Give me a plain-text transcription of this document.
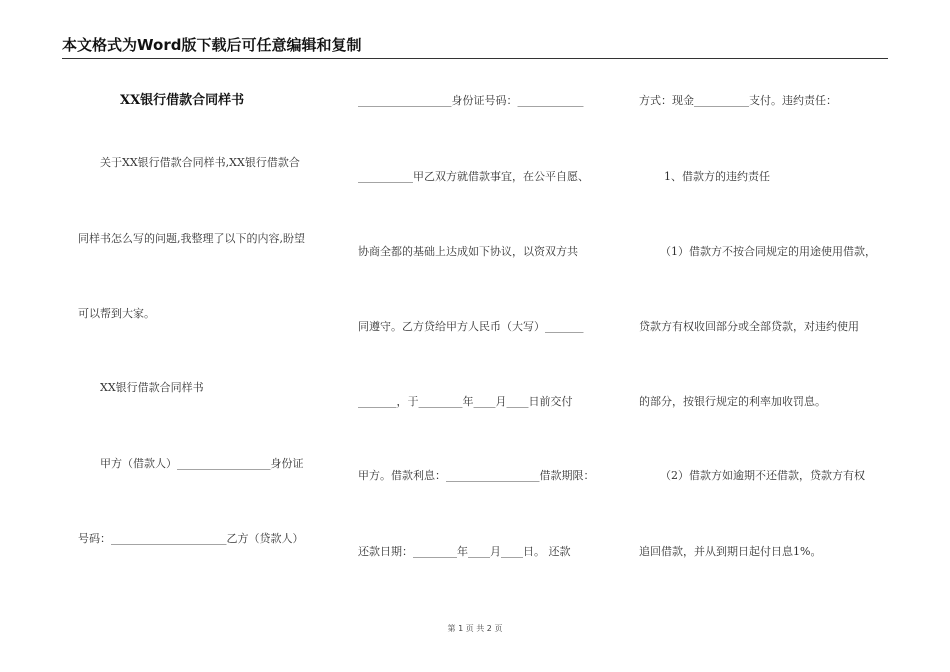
本文格式为Word版下载后可任意编辑和复制
XX银行借款合同样书
关于XX银行借款合同样书,XX银行借款合
同样书怎么写的问题,我整理了以下的内容,盼望
可以帮到大家。
XX银行借款合同样书
甲方（借款人）_________________身份证
号码：_____________________乙方（贷款人）
_________________身份证号码：____________
__________甲乙双方就借款事宜，在公平自愿、
协商全都的基础上达成如下协议，以资双方共
同遵守。乙方贷给甲方人民币（大写）_______
_______，于________年____月____日前交付
甲方。借款利息：_________________借款期限：
还款日期：________年____月____日。 还款
方式：现金__________支付。违约责任：
1、借款方的违约责任
（1）借款方不按合同规定的用途使用借款，
贷款方有权收回部分或全部贷款，对违约使用
的部分，按银行规定的利率加收罚息。
（2）借款方如逾期不还借款，贷款方有权
追回借款，并从到期日起付日息1%。
第 1 页 共 2 页
